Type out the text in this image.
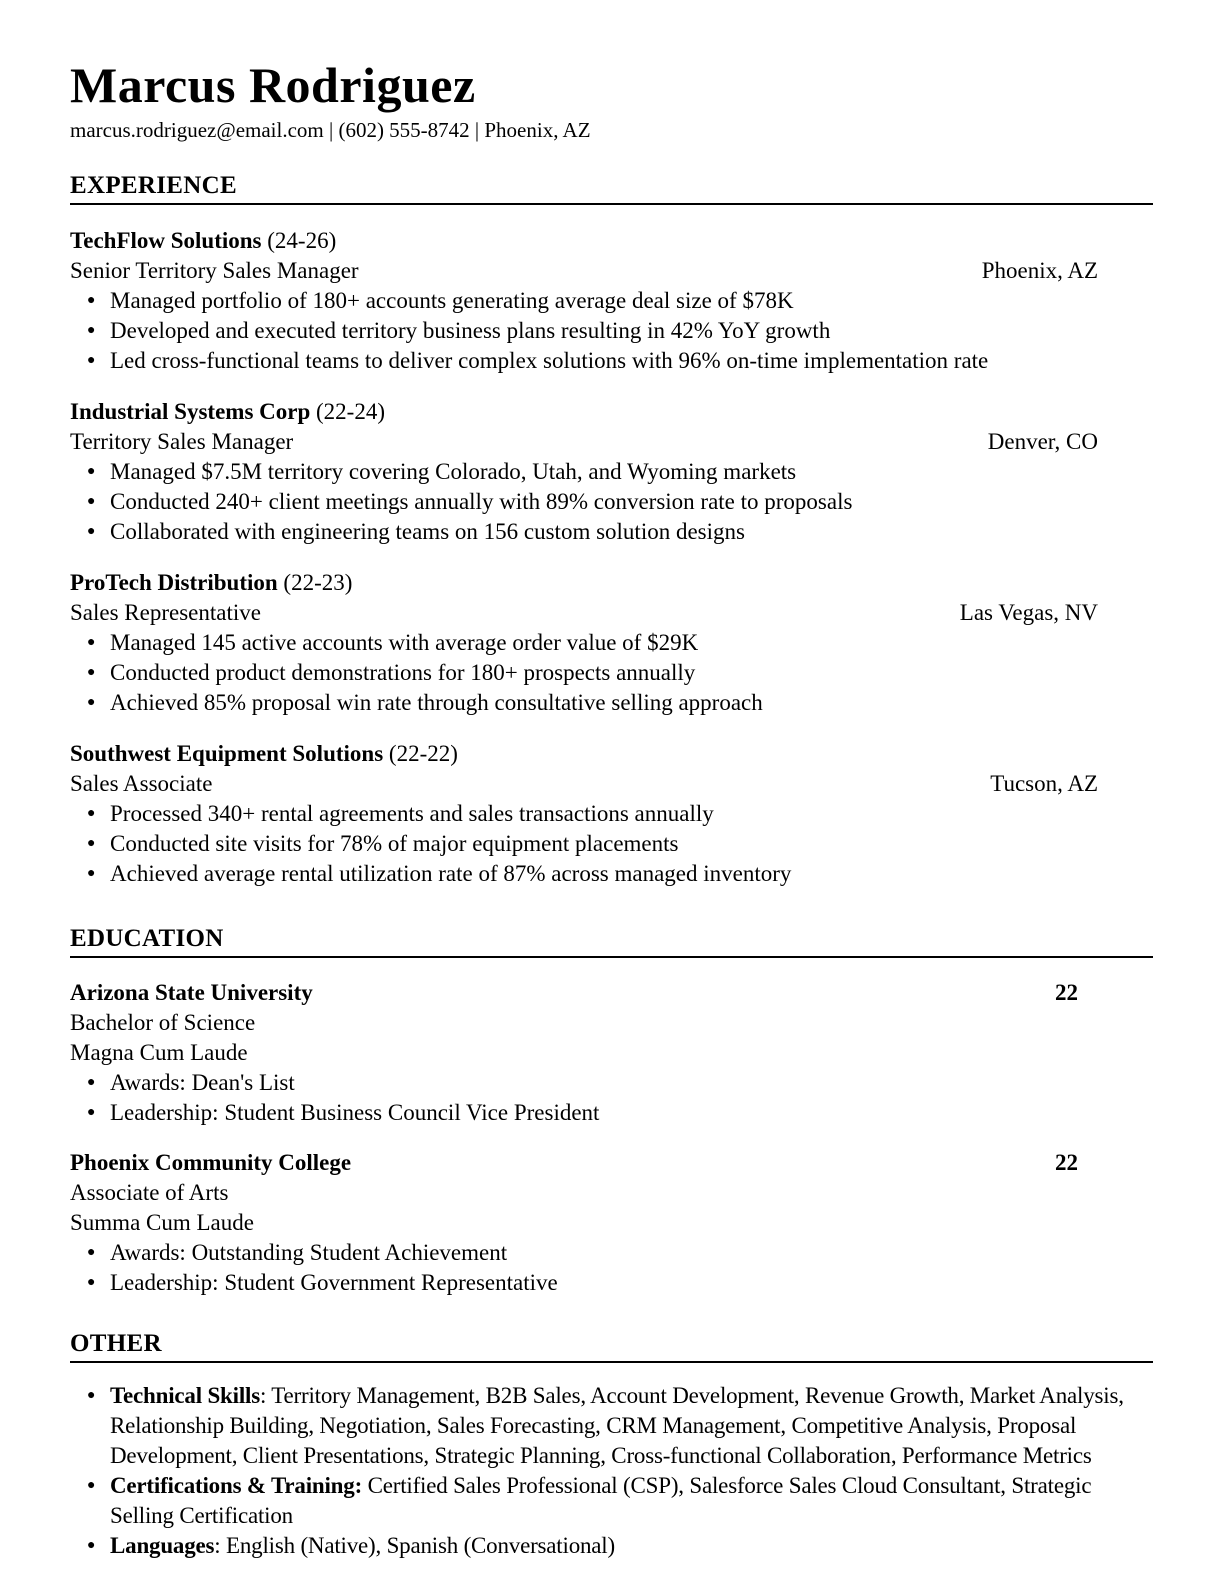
Marcus Rodriguez
marcus.rodriguez@email.com | (602) 555-8742 | Phoenix, AZ
EXPERIENCE
TechFlow Solutions (24-26)
Senior Territory Sales Manager	Phoenix, AZ
● Managed portfolio of 180+ accounts generating average deal size of $78K
● Developed and executed territory business plans resulting in 42% YoY growth
● Led cross-functional teams to deliver complex solutions with 96% on-time implementation rate
Industrial Systems Corp (22-24)
Territory Sales Manager	Denver, CO
● Managed $7.5M territory covering Colorado, Utah, and Wyoming markets
● Conducted 240+ client meetings annually with 89% conversion rate to proposals
● Collaborated with engineering teams on 156 custom solution designs
ProTech Distribution (22-23)
Sales Representative	Las Vegas, NV
● Managed 145 active accounts with average order value of $29K
● Conducted product demonstrations for 180+ prospects annually
● Achieved 85% proposal win rate through consultative selling approach
Southwest Equipment Solutions (22-22)
Sales Associate	Tucson, AZ
● Processed 340+ rental agreements and sales transactions annually
● Conducted site visits for 78% of major equipment placements
● Achieved average rental utilization rate of 87% across managed inventory
EDUCATION
Arizona State University	22
Bachelor of Science
Magna Cum Laude
● Awards: Dean's List
● Leadership: Student Business Council Vice President
Phoenix Community College	22
Associate of Arts
Summa Cum Laude
● Awards: Outstanding Student Achievement
● Leadership: Student Government Representative
OTHER
● Technical Skills: Territory Management, B2B Sales, Account Development, Revenue Growth, Market Analysis, Relationship Building, Negotiation, Sales Forecasting, CRM Management, Competitive Analysis, Proposal Development, Client Presentations, Strategic Planning, Cross-functional Collaboration, Performance Metrics
● Certifications & Training: Certified Sales Professional (CSP), Salesforce Sales Cloud Consultant, Strategic Selling Certification
● Languages: English (Native), Spanish (Conversational)
